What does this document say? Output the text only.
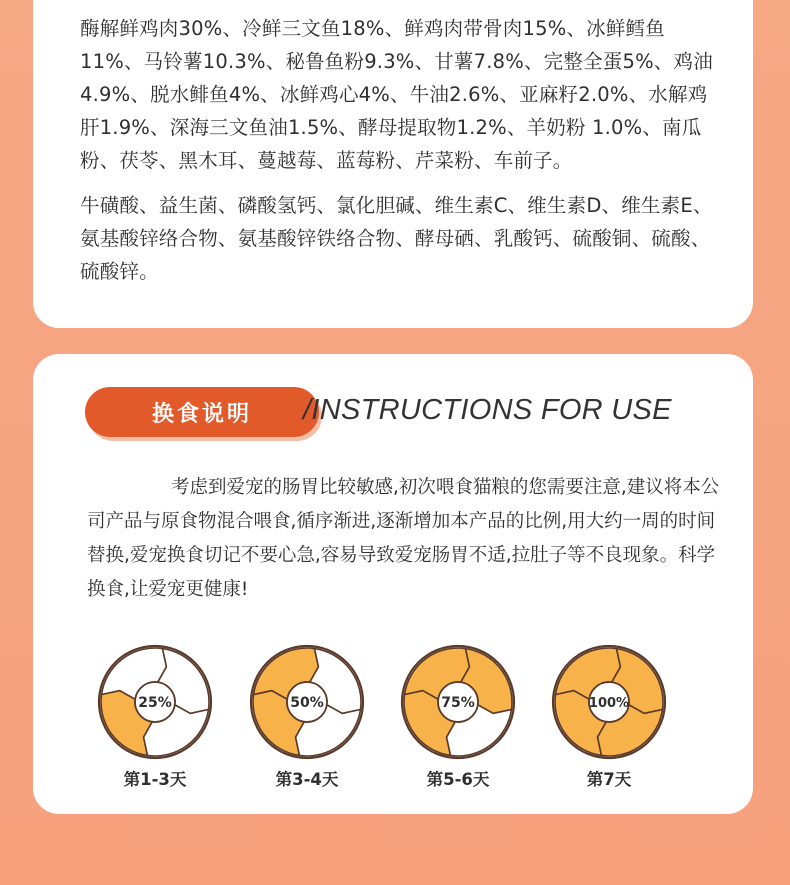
酶解鲜鸡肉30%、冷鲜三文鱼18%、鲜鸡肉带骨肉15%、冰鲜鳕鱼11%、马铃薯10.3%、秘鲁鱼粉9.3%、甘薯7.8%、完整全蛋5%、鸡油4.9%、脱水鲱鱼4%、冰鲜鸡心4%、牛油2.6%、亚麻籽2.0%、水解鸡肝1.9%、深海三文鱼油1.5%、酵母提取物1.2%、羊奶粉 1.0%、南瓜粉、茯苓、黑木耳、蔓越莓、蓝莓粉、芹菜粉、车前子。

牛磺酸、益生菌、磷酸氢钙、氯化胆碱、维生素C、维生素D、维生素E、氨基酸锌络合物、氨基酸锌铁络合物、酵母硒、乳酸钙、硫酸铜、硫酸、硫酸锌。

换食说明	/INSTRUCTIONS FOR USE

考虑到爱宠的肠胃比较敏感,初次喂食猫粮的您需要注意,建议将本公司产品与原食物混合喂食,循序渐进,逐渐增加本产品的比例,用大约一周的时间替换,爱宠换食切记不要心急,容易导致爱宠肠胃不适,拉肚子等不良现象。科学换食,让爱宠更健康!

25%
第1-3天
50%
第3-4天
75%
第5-6天
100%
第7天
